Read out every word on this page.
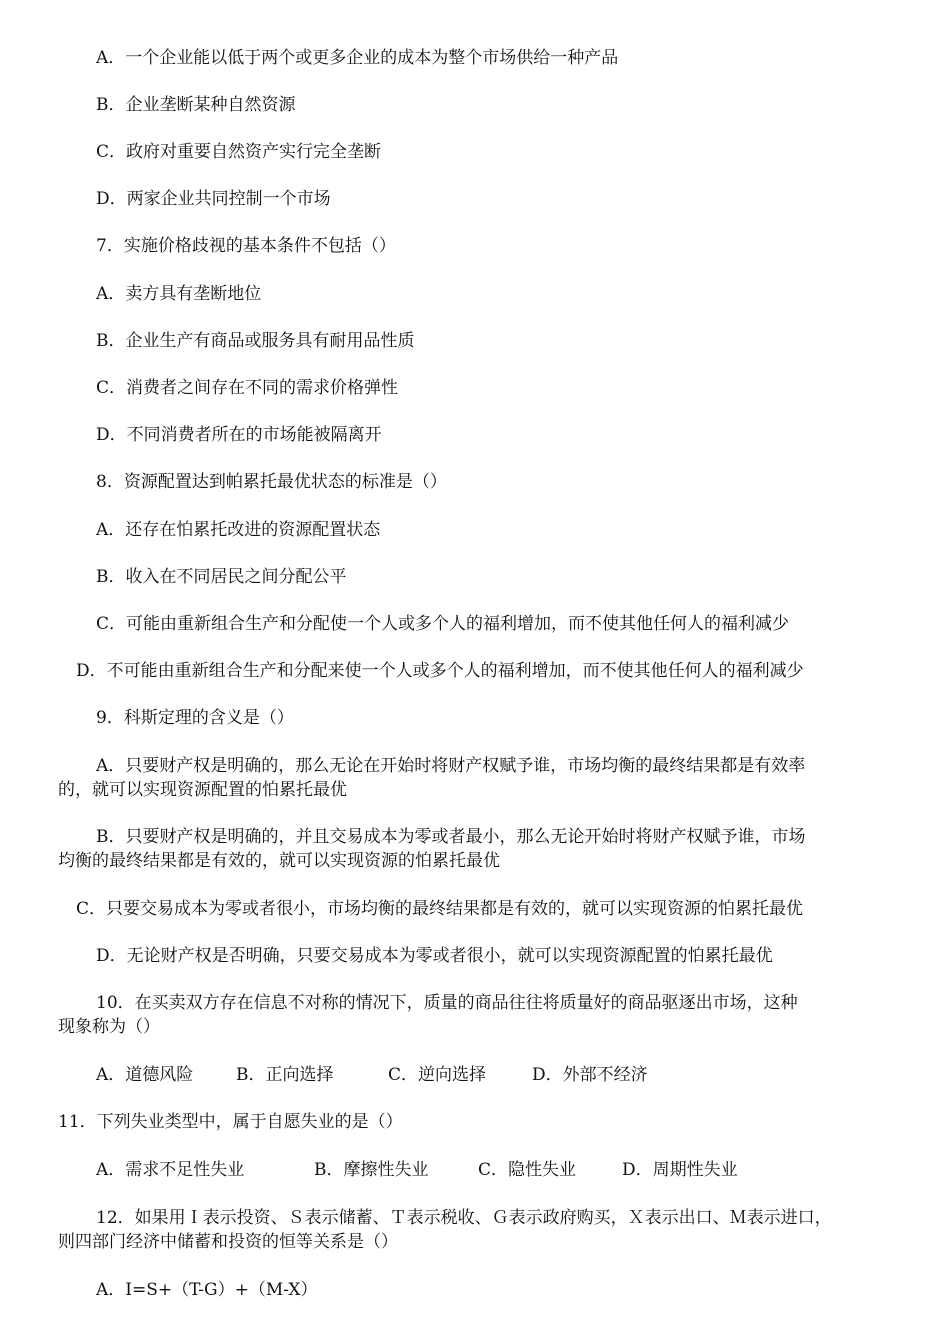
A．一个企业能以低于两个或更多企业的成本为整个市场供给一种产品
B．企业垄断某种自然资源
C．政府对重要自然资产实行完全垄断
D．两家企业共同控制一个市场
7．实施价格歧视的基本条件不包括（）
A．卖方具有垄断地位
B．企业生产有商品或服务具有耐用品性质
C．消费者之间存在不同的需求价格弹性
D．不同消费者所在的市场能被隔离开
8．资源配置达到帕累托最优状态的标准是（）
A．还存在怕累托改进的资源配置状态
B．收入在不同居民之间分配公平
C．可能由重新组合生产和分配使一个人或多个人的福利增加，而不使其他任何人的福利减少
D．不可能由重新组合生产和分配来使一个人或多个人的福利增加，而不使其他任何人的福利减少
9．科斯定理的含义是（）
A．只要财产权是明确的，那么无论在开始时将财产权赋予谁，市场均衡的最终结果都是有效率
的，就可以实现资源配置的怕累托最优
B．只要财产权是明确的，并且交易成本为零或者最小，那么无论开始时将财产权赋予谁，市场
均衡的最终结果都是有效的，就可以实现资源的怕累托最优
C．只要交易成本为零或者很小，市场均衡的最终结果都是有效的，就可以实现资源的怕累托最优
D．无论财产权是否明确，只要交易成本为零或者很小，就可以实现资源配置的怕累托最优
10．在买卖双方存在信息不对称的情况下，质量的商品往往将质量好的商品驱逐出市场，这种
现象称为（）
A．道德风险	B．正向选择	C．逆向选择	D．外部不经济
11．下列失业类型中，属于自愿失业的是（）
A．需求不足性失业	B．摩擦性失业	C．隐性失业	D．周期性失业
12．如果用Ｉ表示投资、Ｓ表示储蓄、Ｔ表示税收、Ｇ表示政府购买，Ｘ表示出口、Ｍ表示进口，
则四部门经济中储蓄和投资的恒等关系是（）
A．I=S+（T-G）+（M-X）
